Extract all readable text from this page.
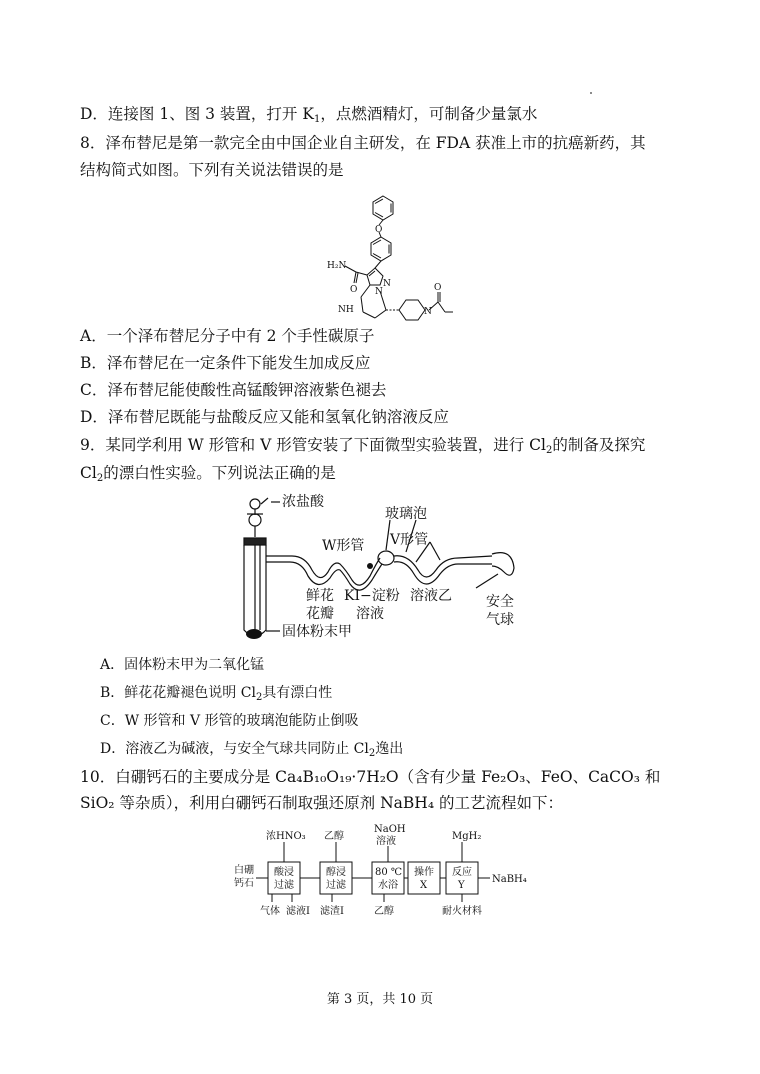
D．连接图 1、图 3 装置，打开 $K_1$，点燃酒精灯，可制备少量氯水
8．泽布替尼是第一款完全由中国企业自主研发，在 FDA 获准上市的抗癌新药，其
结构简式如图。下列有关说法错误的是
O
H₂N
N
N
O
NH	N
O
A．一个泽布替尼分子中有 2 个手性碳原子
B．泽布替尼在一定条件下能发生加成反应
C．泽布替尼能使酸性高锰酸钾溶液紫色褪去
D．泽布替尼既能与盐酸反应又能和氢氧化钠溶液反应
9．某同学利用 W 形管和 V 形管安装了下面微型实验装置，进行 $Cl_2$的制备及探究
$Cl_2$的漂白性实验。下列说法正确的是
浓盐酸
玻璃泡
W形管 V形管
鲜花
花瓣
KI−淀粉
溶液
溶液乙 安全
气球
固体粉末甲
A．固体粉末甲为二氧化锰
B．鲜花花瓣褪色说明 $Cl_2$具有漂白性
C．W 形管和 V 形管的玻璃泡能防止倒吸
D．溶液乙为碱液，与安全气球共同防止 $Cl_2$逸出
10．白硼钙石的主要成分是 Ca₄B₁₀O₁₉·7H₂O（含有少量 Fe₂O₃、FeO、CaCO₃ 和
SiO₂ 等杂质），利用白硼钙石制取强还原剂 NaBH₄ 的工艺流程如下：
白硼
钙石
浓HNO₃ 乙醇
NaOH
溶液	MgH₂
酸浸
过滤
醇浸
过滤
80 ℃
水浴
操作
X
反应
Y
NaBH₄
气体 滤液Ⅰ 滤渣Ⅰ	乙醇	耐火材料
第 3 页，共 10 页
